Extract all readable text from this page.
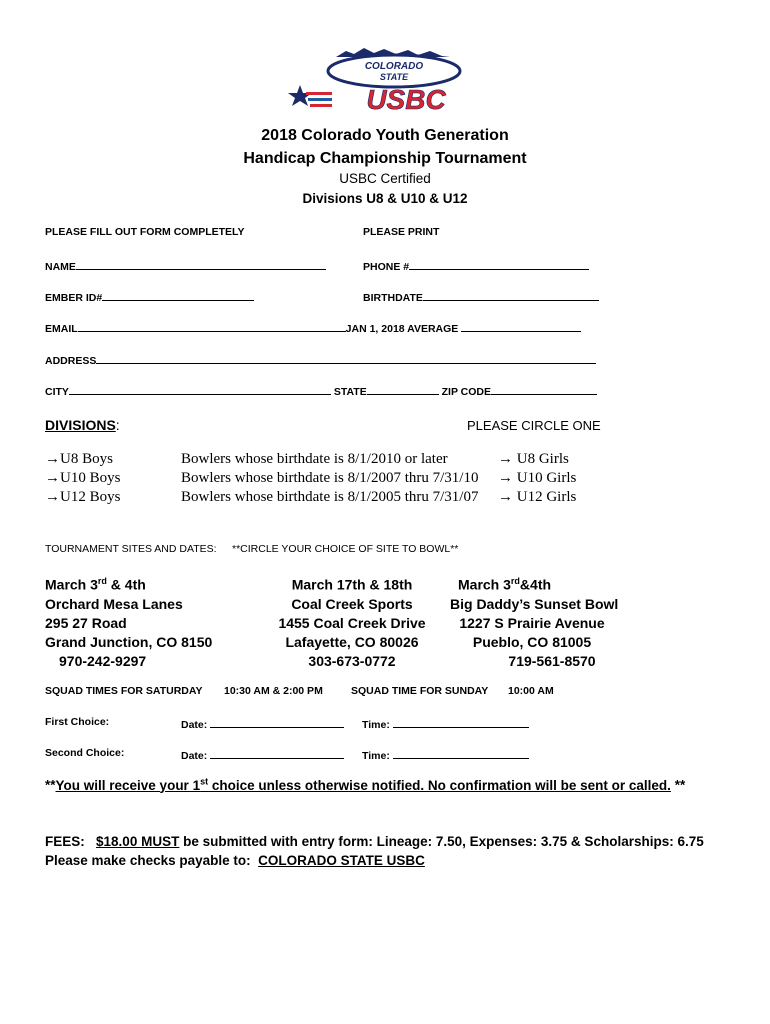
COLORADO
STATE
USBC
2018 Colorado Youth Generation
Handicap Championship Tournament
USBC Certified
Divisions U8 & U10 & U12
PLEASE FILL OUT FORM COMPLETELY	PLEASE PRINT
NAME	PHONE #
EMBER ID#	BIRTHDATE
EMAIL	JAN 1, 2018 AVERAGE
ADDRESS
CITY	STATE	ZIP CODE
DIVISIONS:	PLEASE CIRCLE ONE
→U8 Boys	Bowlers whose birthdate is 8/1/2010 or later	→ U8 Girls
→U10 Boys	Bowlers whose birthdate is 8/1/2007 thru 7/31/10 → U10 Girls
→U12 Boys	Bowlers whose birthdate is 8/1/2005 thru 7/31/07 → U12 Girls
TOURNAMENT SITES AND DATES: **CIRCLE YOUR CHOICE OF SITE TO BOWL**
March 3rd & 4th
Orchard Mesa Lanes
295 27 Road
Grand Junction, CO 8150
970-242-9297
March 17th & 18th
Coal Creek Sports
1455 Coal Creek Drive
Lafayette, CO 80026
303-673-0772
March 3rd&4th
Big Daddy’s Sunset Bowl
1227 S Prairie Avenue
Pueblo, CO 81005
719-561-8570
SQUAD TIMES FOR SATURDAY 10:30 AM & 2:00 PM	SQUAD TIME FOR SUNDAY 10:00 AM
First Choice:	Date:	Time:
Second Choice:	Date:	Time:
**You will receive your 1st choice unless otherwise notified. No confirmation will be sent or called. **
FEES: $18.00 MUST be submitted with entry form: Lineage: 7.50, Expenses: 3.75 & Scholarships: 6.75
Please make checks payable to: COLORADO STATE USBC
